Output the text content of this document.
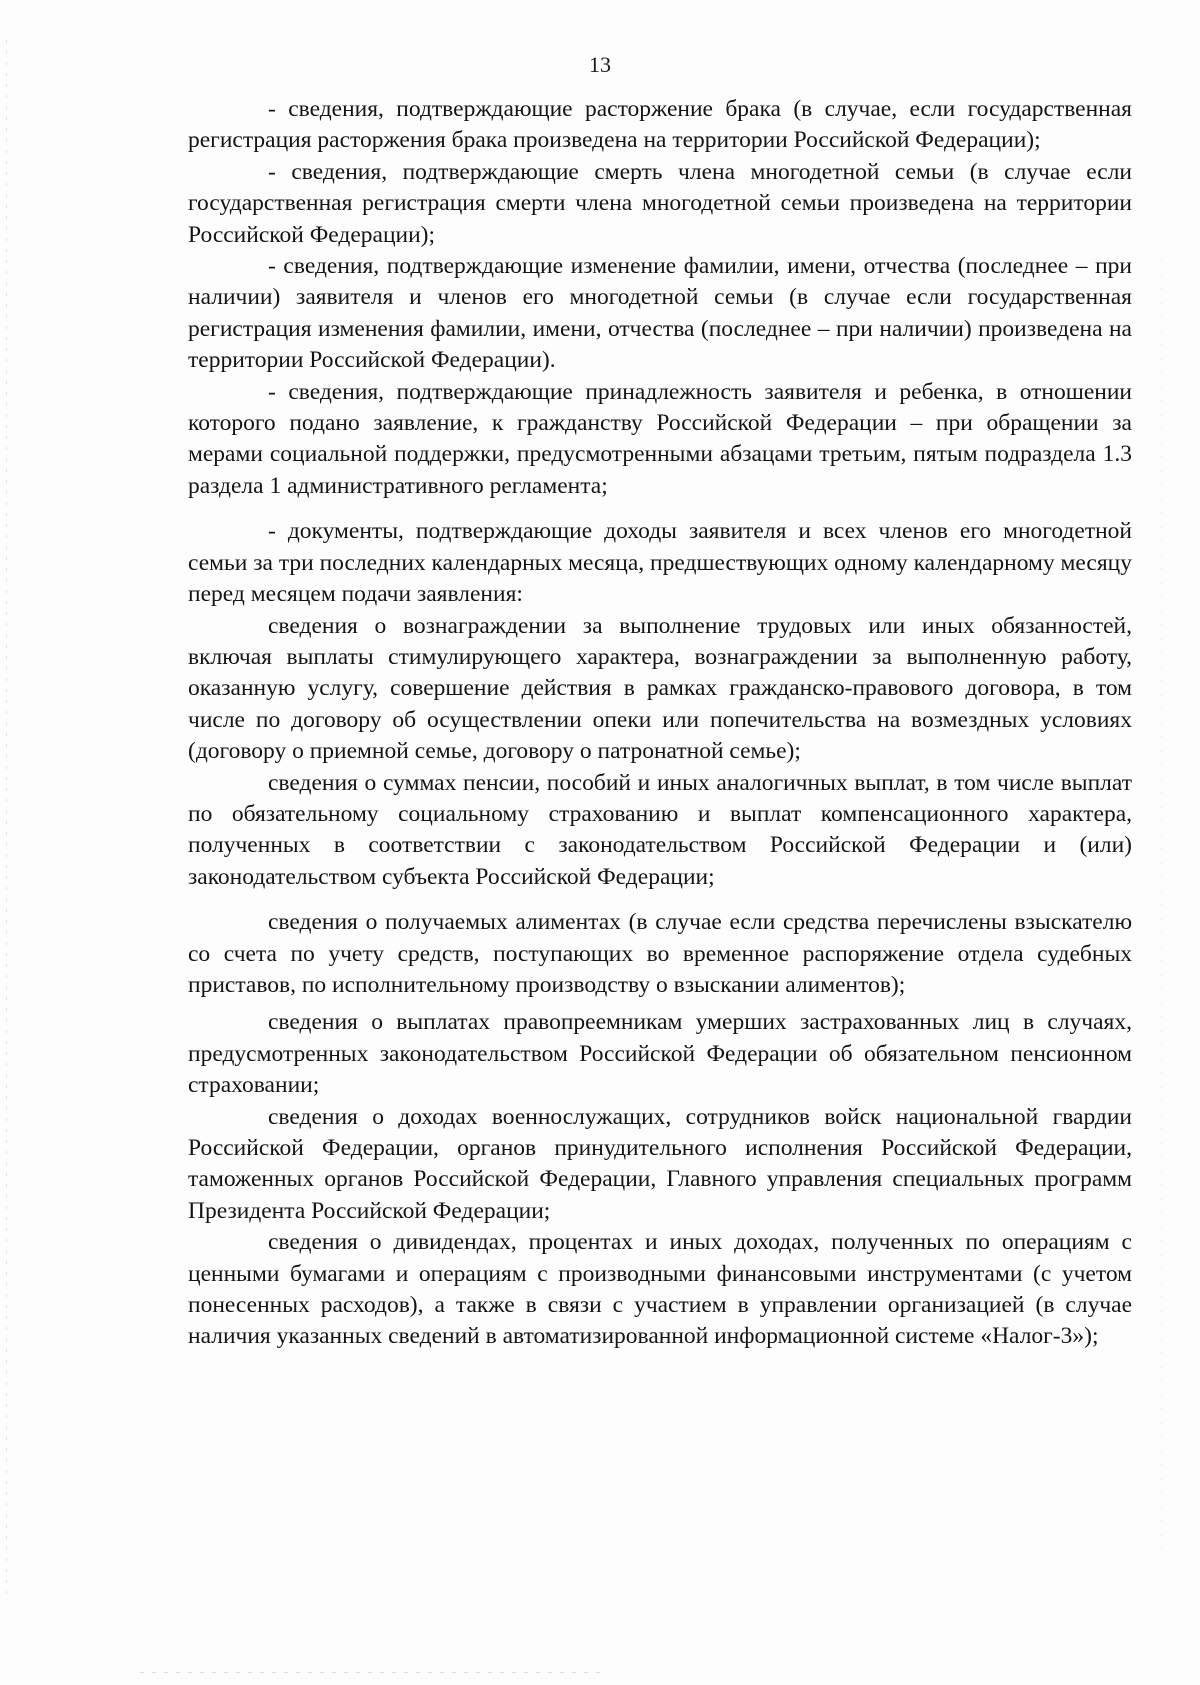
13

- сведения, подтверждающие расторжение брака (в случае, если государственная регистрация расторжения брака произведена на территории Российской Федерации);

- сведения, подтверждающие смерть члена многодетной семьи (в случае если государственная регистрация смерти члена многодетной семьи произведена на территории Российской Федерации);

- сведения, подтверждающие изменение фамилии, имени, отчества (последнее – при наличии) заявителя и членов его многодетной семьи (в случае если государственная регистрация изменения фамилии, имени, отчества (последнее – при наличии) произведена на территории Российской Федерации).

- сведения, подтверждающие принадлежность заявителя и ребенка, в отношении которого подано заявление, к гражданству Российской Федерации – при обращении за мерами социальной поддержки, предусмотренными абзацами третьим, пятым подраздела 1.3 раздела 1 административного регламента;

- документы, подтверждающие доходы заявителя и всех членов его многодетной семьи за три последних календарных месяца, предшествующих одному календарному месяцу перед месяцем подачи заявления:

сведения о вознаграждении за выполнение трудовых или иных обязанностей, включая выплаты стимулирующего характера, вознаграждении за выполненную работу, оказанную услугу, совершение действия в рамках гражданско-правового договора, в том числе по договору об осуществлении опеки или попечительства на возмездных условиях (договору о приемной семье, договору о патронатной семье);

сведения о суммах пенсии, пособий и иных аналогичных выплат, в том числе выплат по обязательному социальному страхованию и выплат компенсационного характера, полученных в соответствии с законодательством Российской Федерации и (или) законодательством субъекта Российской Федерации;

сведения о получаемых алиментах (в случае если средства перечислены взыскателю со счета по учету средств, поступающих во временное распоряжение отдела судебных приставов, по исполнительному производству о взыскании алиментов);

сведения о выплатах правопреемникам умерших застрахованных лиц в случаях, предусмотренных законодательством Российской Федерации об обязательном пенсионном страховании;

сведения о доходах военнослужащих, сотрудников войск национальной гвардии Российской Федерации, органов принудительного исполнения Российской Федерации, таможенных органов Российской Федерации, Главного управления специальных программ Президента Российской Федерации;

сведения о дивидендах, процентах и иных доходах, полученных по операциям с ценными бумагами и операциям с производными финансовыми инструментами (с учетом понесенных расходов), а также в связи с участием в управлении организацией (в случае наличия указанных сведений в автоматизированной информационной системе «Налог-3»);
